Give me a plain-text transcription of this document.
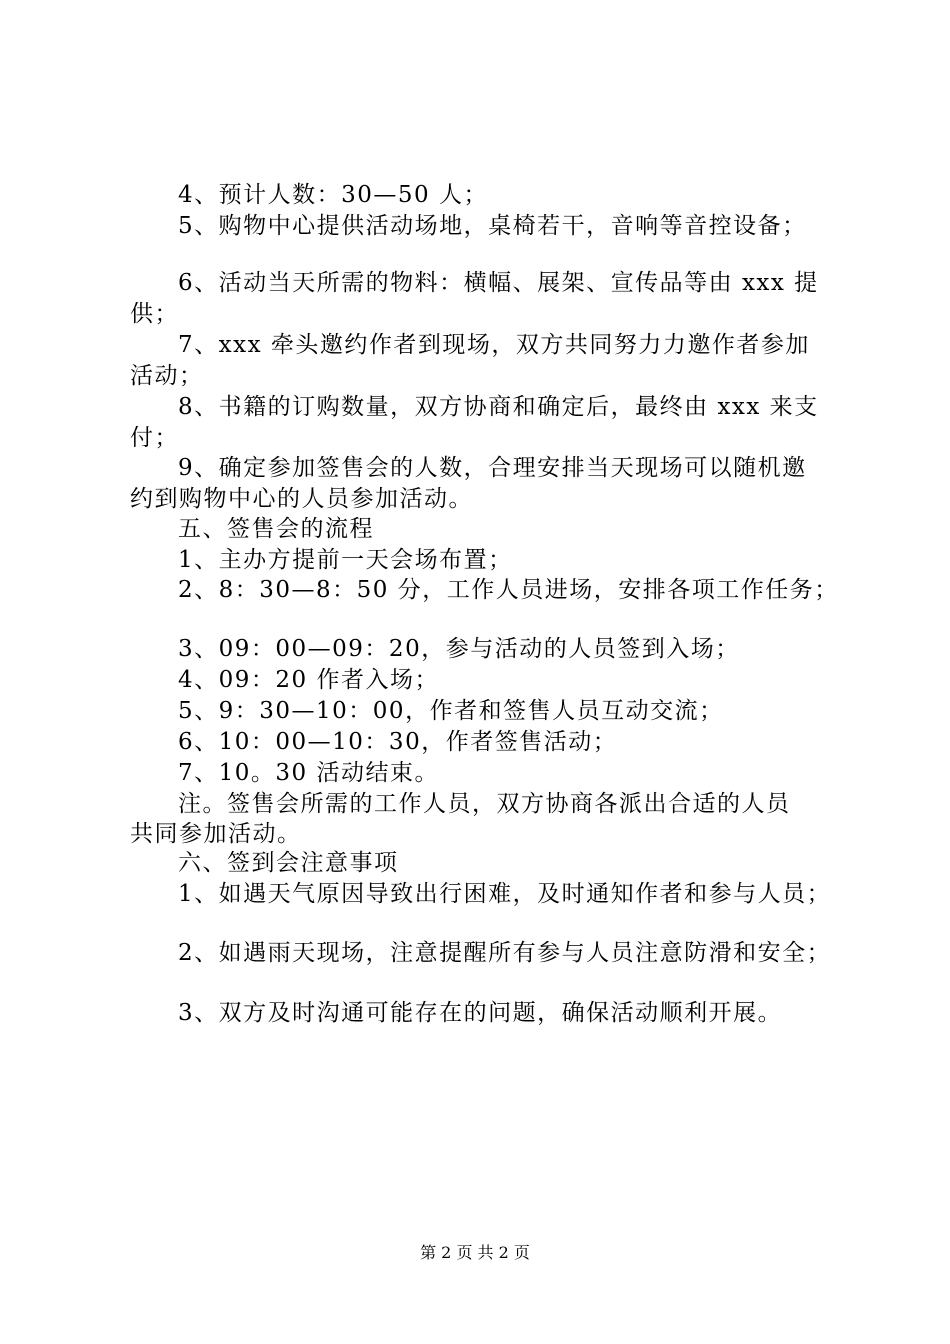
4、预计人数：30—50 人；
5、购物中心提供活动场地，桌椅若干，音响等音控设备；
6、活动当天所需的物料：横幅、展架、宣传品等由 xxx 提
供；
7、xxx 牵头邀约作者到现场，双方共同努力力邀作者参加
活动；
8、书籍的订购数量，双方协商和确定后，最终由 xxx 来支
付；
9、确定参加签售会的人数，合理安排当天现场可以随机邀
约到购物中心的人员参加活动。
五、签售会的流程
1、主办方提前一天会场布置；
2、8：30—8：50 分，工作人员进场，安排各项工作任务；
3、09：00—09：20，参与活动的人员签到入场；
4、09：20 作者入场；
5、9：30—10：00，作者和签售人员互动交流；
6、10：00—10：30，作者签售活动；
7、10。30 活动结束。
注。签售会所需的工作人员，双方协商各派出合适的人员
共同参加活动。
六、签到会注意事项
1、如遇天气原因导致出行困难，及时通知作者和参与人员；
2、如遇雨天现场，注意提醒所有参与人员注意防滑和安全；
3、双方及时沟通可能存在的问题，确保活动顺利开展。
第 2 页 共 2 页
